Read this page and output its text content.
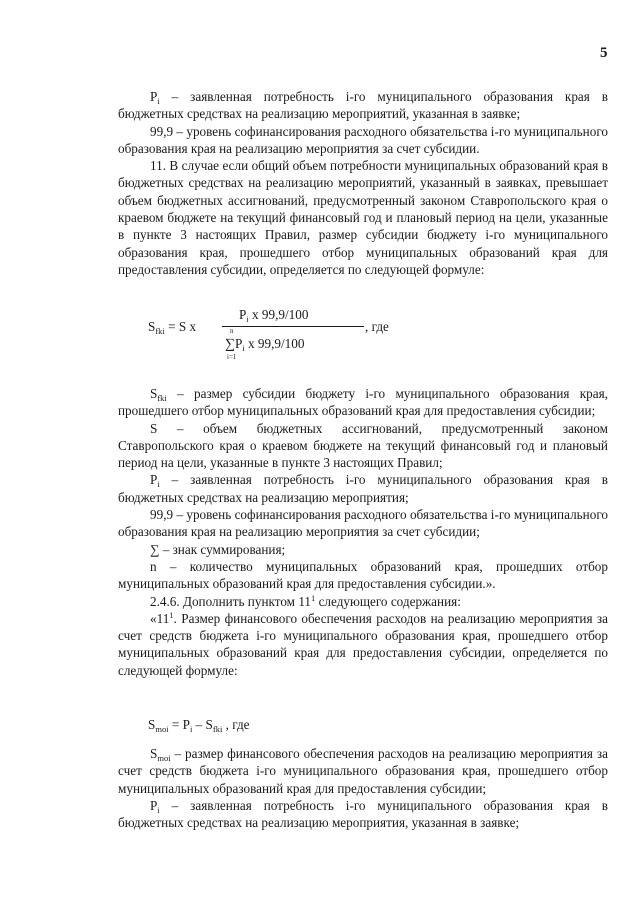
5

$P_i$ – заявленная потребность i-го муниципального образования края в бюджетных средствах на реализацию мероприятий, указанная в заявке;

99,9 – уровень софинансирования расходного обязательства i-го муниципального образования края на реализацию мероприятия за счет субсидии.

11. В случае если общий объем потребности муниципальных образований края в бюджетных средствах на реализацию мероприятий, указанный в заявках, превышает объем бюджетных ассигнований, предусмотренный законом Ставропольского края о краевом бюджете на текущий финансовый год и плановый период на цели, указанные в пункте 3 настоящих Правил, размер субсидии бюджету i-го муниципального образования края, прошедшего отбор муниципальных образований края для предоставления субсидии, определяется по следующей формуле:

$S_{fki} = S$ x
$P_i$ x 99,9/100
n
$\sum P_i$ x 99,9/100
i=1
, где

$S_{fki}$ – размер субсидии бюджету i-го муниципального образования края, прошедшего отбор муниципальных образований края для предоставления субсидии;

S – объем бюджетных ассигнований, предусмотренный законом Ставропольского края о краевом бюджете на текущий финансовый год и плановый период на цели, указанные в пункте 3 настоящих Правил;

$P_i$ – заявленная потребность i-го муниципального образования края в бюджетных средствах на реализацию мероприятия;

99,9 – уровень софинансирования расходного обязательства i-го муниципального образования края на реализацию мероприятия за счет субсидии;

∑ – знак суммирования;

n – количество муниципальных образований края, прошедших отбор муниципальных образований края для предоставления субсидии.».

2.4.6. Дополнить пунктом $11^1$ следующего содержания:

«$11^1$. Размер финансового обеспечения расходов на реализацию мероприятия за счет средств бюджета i-го муниципального образования края, прошедшего отбор муниципальных образований края для предоставления субсидии, определяется по следующей формуле:

$S_{moi} = P_i - S_{fki}$ , где

$S_{moi}$ – размер финансового обеспечения расходов на реализацию мероприятия за счет средств бюджета i-го муниципального образования края, прошедшего отбор муниципальных образований края для предоставления субсидии;

$P_i$ – заявленная потребность i-го муниципального образования края в бюджетных средствах на реализацию мероприятия, указанная в заявке;
